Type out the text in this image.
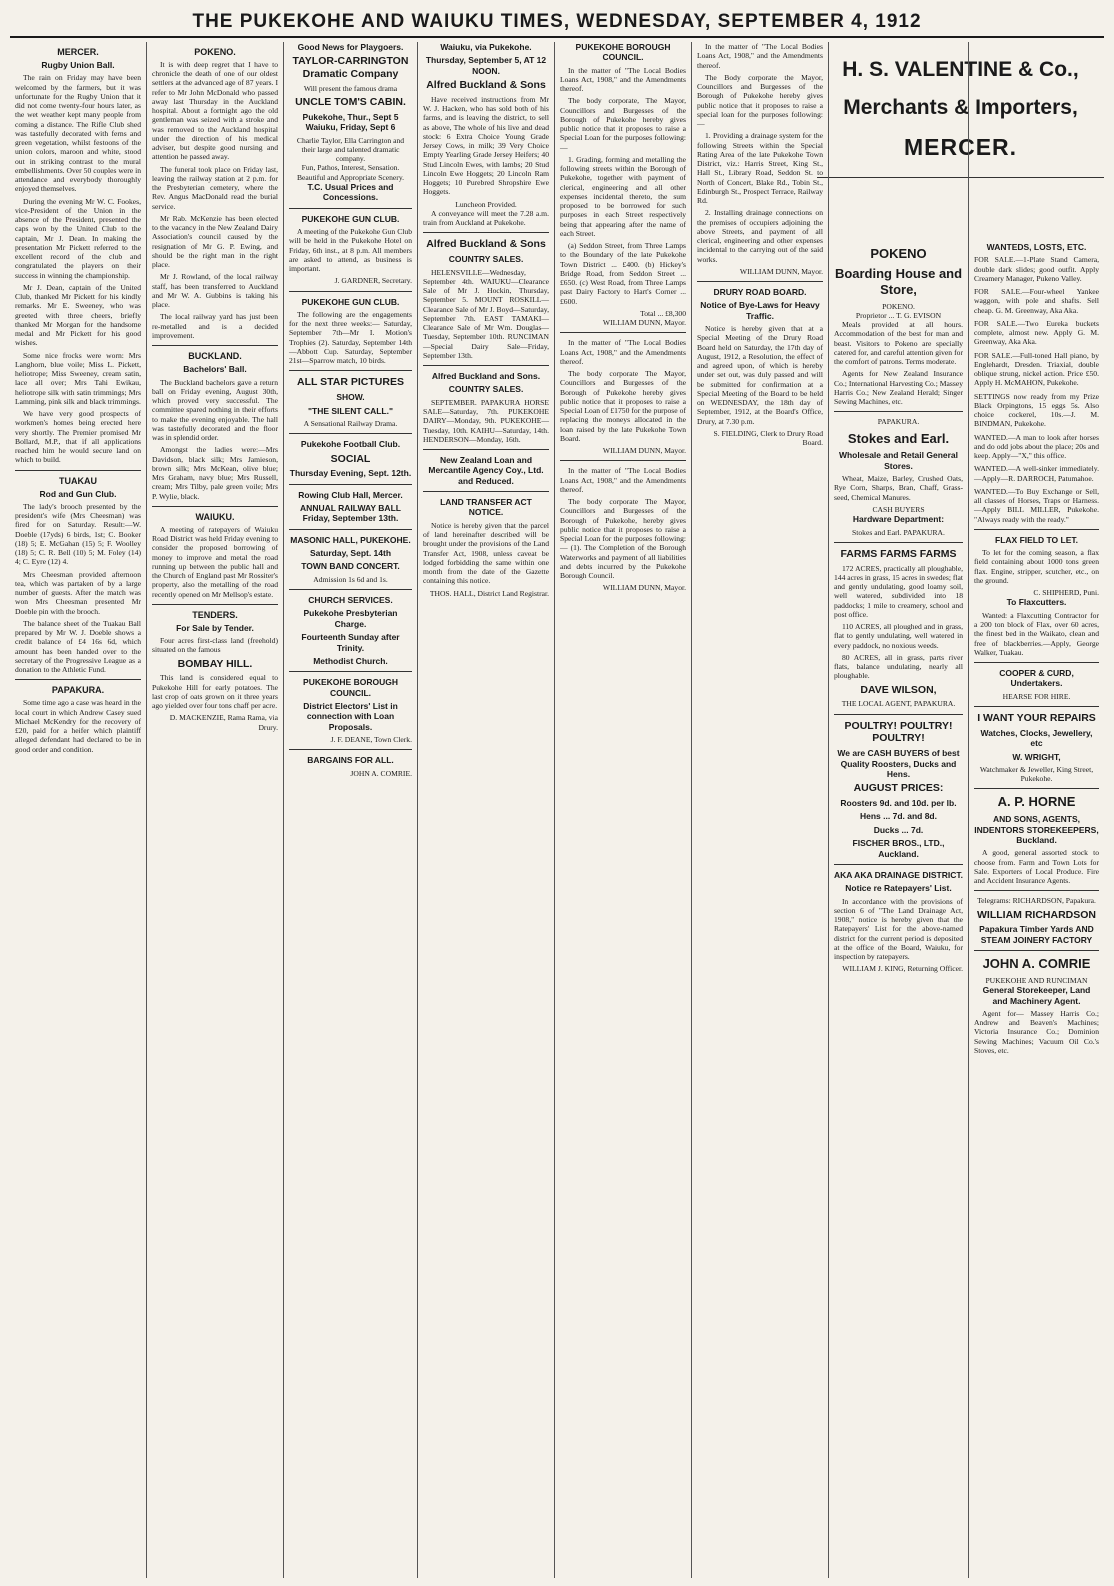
THE PUKEKOHE AND WAIUKU TIMES, WEDNESDAY, SEPTEMBER 4, 1912
H. S. VALENTINE & Co.,
Merchants & Importers,
MERCER.
MERCER.
Rugby Union Ball.

The rain on Friday may have been welcomed by the farmers, but it was unfortunate for the Rugby Union that it did not come twenty-four hours later, as the wet weather kept many people from coming a distance. The Rifle Club shed was tastefully decorated with ferns and green vegetation, whilst festoons of the union colors, maroon and white, stood out in striking contrast to the mural embellishments. Over 50 couples were in attendance and everybody thoroughly enjoyed themselves.

During the evening Mr W. C. Fookes, vice-President of the Union in the absence of the President, presented the caps won by the United Club to the captain, Mr J. Dean. In making the presentation Mr Pickett referred to the excellent record of the club and congratulated the players on their success in winning the championship.

Mr J. Dean, captain of the United Club, thanked Mr Pickett for his kindly remarks. Mr E. Sweeney, who was greeted with three cheers, briefly thanked Mr Morgan for the handsome medal and Mr Pickett for his good wishes.

Some nice frocks were worn: Mrs Langhorn, blue voile; Miss L. Pickett, heliotrope; Miss Sweeney, cream satin, lace all over; Mrs Tahi Ewikau, heliotrope silk with satin trimmings; Mrs Lamming, pink silk and black trimmings.

We have very good prospects of workmen's homes being erected here very shortly. The Premier promised Mr Bollard, M.P., that if all applications reached him he would secure land on which to build.

TUAKAU
Rod and Gun Club.

The lady's brooch presented by the president's wife (Mrs Cheesman) was fired for on Saturday. Result:—W. Doeble (17yds) 6 birds, 1st; C. Booker (18) 5; E. McGahan (15) 5; F. Woolley (18) 5; C. R. Bell (10) 5; M. Foley (14) 4; C. Eyre (12) 4.

Mrs Cheesman provided afternoon tea, which was partaken of by a large number of guests. After the match was won Mrs Cheesman presented Mr Doeble pin with the brooch.

The balance sheet of the Tuakau Ball prepared by Mr W. J. Doeble shows a credit balance of £4 16s 6d, which amount has been handed over to the secretary of the Progressive League as a donation to the Athletic Fund.

PAPAKURA.

Some time ago a case was heard in the local court in which Andrew Casey sued Michael McKendry for the recovery of £20, paid for a heifer which plaintiff alleged defendant had declared to be in good order and condition.

POKENO.

It is with deep regret that I have to chronicle the death of one of our oldest settlers at the advanced age of 87 years. I refer to Mr John McDonald who passed away last Thursday in the Auckland hospital. About a fortnight ago the old gentleman was seized with a stroke and was removed to the Auckland hospital under the direction of his medical adviser, but despite good nursing and attention he passed away.

The funeral took place on Friday last, leaving the railway station at 2 p.m. for the Presbyterian cemetery, where the Rev. Angus MacDonald read the burial service.

Mr Rab. McKenzie has been elected to the vacancy in the New Zealand Dairy Association's council caused by the resignation of Mr G. P. Ewing, and should be the right man in the right place.

Mr J. Rowland, of the local railway staff, has been transferred to Auckland and Mr W. A. Gubbins is taking his place.

The local railway yard has just been re-metalled and is a decided improvement.

BUCKLAND.
Bachelors' Ball.

The Buckland bachelors gave a return ball on Friday evening, August 30th, which proved very successful. The committee spared nothing in their efforts to make the evening enjoyable. The hall was tastefully decorated and the floor was in splendid order.

Amongst the ladies were:—Mrs Davidson, black silk; Mrs Jamieson, brown silk; Mrs McKean, olive blue; Mrs Graham, navy blue; Mrs Russell, cream; Mrs Tilby, pale green voile; Mrs P. Wylie, black.

WAIUKU.

A meeting of ratepayers of Waiuku Road District was held Friday evening to consider the proposed borrowing of money to improve and metal the road running up between the public hall and the Church of England past Mr Rossiter's property, also the metalling of the road recently opened on Mr Mellsop's estate.

TENDERS.
For Sale by Tender.

Four acres first-class land (freehold) situated on the famous

BOMBAY HILL.

This land is considered equal to Pukekohe Hill for early potatoes. The last crop of oats grown on it three years ago yielded over four tons chaff per acre.

D. MACKENZIE, Rama Rama, via Drury.

Good News for Playgoers.
TAYLOR-CARRINGTON Dramatic Company

Will present the famous drama

UNCLE TOM'S CABIN.
Pukekohe, Thur., Sept 5 Waiuku, Friday, Sept 6

Charlie Taylor, Ella Carrington and their large and talented dramatic company.

Fun, Pathos, Interest, Sensation. Beautiful and Appropriate Scenery.

T.C. Usual Prices and Concessions.
PUKEKOHE GUN CLUB.

A meeting of the Pukekohe Gun Club will be held in the Pukekohe Hotel on Friday, 6th inst., at 8 p.m. All members are asked to attend, as business is important.

J. GARDNER, Secretary.

PUKEKOHE GUN CLUB.

The following are the engagements for the next three weeks:— Saturday, September 7th—Mr I. Motion's Trophies (2). Saturday, September 14th—Abbott Cup. Saturday, September 21st—Sparrow match, 10 birds.

ALL STAR PICTURES
SHOW.
"THE SILENT CALL."

A Sensational Railway Drama.

Pukekohe Football Club.
SOCIAL
Thursday Evening, Sept. 12th.
Rowing Club Hall, Mercer.
ANNUAL RAILWAY BALL Friday, September 13th.
MASONIC HALL, PUKEKOHE.
Saturday, Sept. 14th
TOWN BAND CONCERT.

Admission 1s 6d and 1s.

CHURCH SERVICES.
Pukekohe Presbyterian Charge.
Fourteenth Sunday after Trinity.
Methodist Church.
PUKEKOHE BOROUGH COUNCIL.
District Electors' List in connection with Loan Proposals.

J. F. DEANE, Town Clerk.

BARGAINS FOR ALL.

JOHN A. COMRIE.

Waiuku, via Pukekohe.
Thursday, September 5, AT 12 NOON.
Alfred Buckland & Sons

Have received instructions from Mr W. J. Hacken, who has sold both of his farms, and is leaving the district, to sell as above, The whole of his live and dead stock: 6 Extra Choice Young Grade Jersey Cows, in milk; 39 Very Choice Empty Yearling Grade Jersey Heifers; 40 Stud Lincoln Ewes, with lambs; 20 Stud Lincoln Ewe Hoggets; 20 Lincoln Ram Hoggets; 10 Purebred Shropshire Ewe Hoggets.

Luncheon Provided.

A conveyance will meet the 7.28 a.m. train from Auckland at Pukekohe.

Alfred Buckland & Sons
COUNTRY SALES.

HELENSVILLE—Wednesday, September 4th. WAIUKU—Clearance Sale of Mr J. Hockin, Thursday, September 5. MOUNT ROSKILL—Clearance Sale of Mr J. Boyd—Saturday, September 7th. EAST TAMAKI—Clearance Sale of Mr Wm. Douglas—Tuesday, September 10th. RUNCIMAN—Special Dairy Sale—Friday, September 13th.

Alfred Buckland and Sons.
COUNTRY SALES.

SEPTEMBER. PAPAKURA HORSE SALE—Saturday, 7th. PUKEKOHE DAIRY—Monday, 9th. PUKEKOHE—Tuesday, 10th. KAIHU—Saturday, 14th. HENDERSON—Monday, 16th.

New Zealand Loan and Mercantile Agency Coy., Ltd. and Reduced.
LAND TRANSFER ACT NOTICE.

Notice is hereby given that the parcel of land hereinafter described will be brought under the provisions of the Land Transfer Act, 1908, unless caveat be lodged forbidding the same within one month from the date of the Gazette containing this notice.

THOS. HALL, District Land Registrar.

PUKEKOHE BOROUGH COUNCIL.

In the matter of "The Local Bodies Loans Act, 1908," and the Amendments thereof.

The body corporate, The Mayor, Councillors and Burgesses of the Borough of Pukekohe hereby gives public notice that it proposes to raise a Special Loan for the purposes following:—

1. Grading, forming and metalling the following streets within the Borough of Pukekohe, together with payment of clerical, engineering and all other expenses incidental thereto, the sum proposed to be borrowed for such purposes in each Street respectively being that appearing after the name of each Street.

(a) Seddon Street, from Three Lamps to the Boundary of the late Pukekohe Town District ... £400. (b) Hickey's Bridge Road, from Seddon Street ... £650. (c) West Road, from Three Lamps past Dairy Factory to Hart's Corner ... £600.

Total ... £8,300

WILLIAM DUNN, Mayor.

In the matter of "The Local Bodies Loans Act, 1908," and the Amendments thereof.

The body corporate The Mayor, Councillors and Burgesses of the Borough of Pukekohe hereby gives public notice that it proposes to raise a Special Loan of £1750 for the purpose of replacing the moneys allocated in the loan raised by the late Pukekohe Town Board.

WILLIAM DUNN, Mayor.

In the matter of "The Local Bodies Loans Act, 1908," and the Amendments thereof.

The body corporate The Mayor, Councillors and Burgesses of the Borough of Pukekohe, hereby gives public notice that it proposes to raise a Special Loan for the purposes following:— (1). The Completion of the Borough Waterworks and payment of all liabilities and debts incurred by the Pukekohe Borough Council.

WILLIAM DUNN, Mayor.

In the matter of "The Local Bodies Loans Act, 1908," and the Amendments thereof.

The Body corporate the Mayor, Councillors and Burgesses of the Borough of Pukekohe hereby gives public notice that it proposes to raise a special loan for the purposes following:—

1. Providing a drainage system for the following Streets within the Special Rating Area of the late Pukekohe Town District, viz.: Harris Street, King St., Hall St., Library Road, Seddon St. to North of Concert, Blake Rd., Tobin St., Edinburgh St., Prospect Terrace, Railway Rd.

2. Installing drainage connections on the premises of occupiers adjoining the above Streets, and payment of all clerical, engineering and other expenses incidental to the carrying out of the said works.

WILLIAM DUNN, Mayor.

DRURY ROAD BOARD.
Notice of Bye-Laws for Heavy Traffic.

Notice is hereby given that at a Special Meeting of the Drury Road Board held on Saturday, the 17th day of August, 1912, a Resolution, the effect of and agreed upon, of which is hereby under set out, was duly passed and will be submitted for confirmation at a Special Meeting of the Board to be held on WEDNESDAY, the 18th day of September, 1912, at the Board's Office, Drury, at 7.30 p.m.

S. FIELDING, Clerk to Drury Road Board.

POKENO
Boarding House and Store,

POKENO.

Proprietor ... T. G. EVISON

Meals provided at all hours. Accommodation of the best for man and beast. Visitors to Pokeno are specially catered for, and careful attention given for the comfort of patrons. Terms moderate.

Agents for New Zealand Insurance Co.; International Harvesting Co.; Massey Harris Co.; New Zealand Herald; Singer Sewing Machines, etc.

PAPAKURA.

Stokes and Earl.
Wholesale and Retail General Stores.

Wheat, Maize, Barley, Crushed Oats, Rye Corn, Sharps, Bran, Chaff, Grass-seed, Chemical Manures.

CASH BUYERS

Hardware Department:

Stokes and Earl. PAPAKURA.

FARMS FARMS FARMS

172 ACRES, practically all ploughable, 144 acres in grass, 15 acres in swedes; flat and gently undulating, good loamy soil, well watered, subdivided into 18 paddocks; 1 mile to creamery, school and post office.

110 ACRES, all ploughed and in grass, flat to gently undulating, well watered in every paddock, no noxious weeds.

80 ACRES, all in grass, parts river flats, balance undulating, nearly all ploughable.

DAVE WILSON,

THE LOCAL AGENT, PAPAKURA.

POULTRY! POULTRY! POULTRY!
We are CASH BUYERS of best Quality Roosters, Ducks and Hens.
AUGUST PRICES:
Roosters 9d. and 10d. per lb.
Hens ... 7d. and 8d.
Ducks ... 7d.
FISCHER BROS., LTD., Auckland.
AKA AKA DRAINAGE DISTRICT.
Notice re Ratepayers' List.

In accordance with the provisions of section 6 of "The Land Drainage Act, 1908," notice is hereby given that the Ratepayers' List for the above-named district for the current period is deposited at the office of the Board, Waiuku, for inspection by ratepayers.

WILLIAM J. KING, Returning Officer.

WANTEDS, LOSTS, ETC.

FOR SALE.—1-Plate Stand Camera, double dark slides; good outfit. Apply Creamery Manager, Pukeno Valley.

FOR SALE.—Four-wheel Yankee waggon, with pole and shafts. Sell cheap. G. M. Greenway, Aka Aka.

FOR SALE.—Two Eureka buckets complete, almost new. Apply G. M. Greenway, Aka Aka.

FOR SALE.—Full-toned Hall piano, by Englehardt, Dresden. Triaxial, double oblique strung, nickel action. Price £50. Apply H. McMAHON, Pukekohe.

SETTINGS now ready from my Prize Black Orpingtons, 15 eggs 5s. Also choice cockerel, 10s.—J. M. BINDMAN, Pukekohe.

WANTED.—A man to look after horses and do odd jobs about the place; 20s and keep. Apply—"X," this office.

WANTED.—A well-sinker immediately.—Apply—R. DARROCH, Patumahoe.

WANTED.—To Buy Exchange or Sell, all classes of Horses, Traps or Harness.—Apply BILL MILLER, Pukekohe. "Always ready with the ready."

FLAX FIELD TO LET.

To let for the coming season, a flax field containing about 1000 tons green flax. Engine, stripper, scutcher, etc., on the ground.

C. SHIPHERD, Puni.

To Flaxcutters.

Wanted: a Flaxcutting Contractor for a 200 ton block of Flax, over 60 acres, the finest bed in the Waikato, clean and free of blackberries.—Apply, George Walker, Tuakau.

COOPER & CURD, Undertakers.

HEARSE FOR HIRE.

I WANT YOUR REPAIRS
Watches, Clocks, Jewellery, etc
W. WRIGHT,

Watchmaker & Jeweller, King Street, Pukekohe.

A. P. HORNE
AND SONS, AGENTS, INDENTORS STOREKEEPERS, Buckland.

A good, general assorted stock to choose from. Farm and Town Lots for Sale. Exporters of Local Produce. Fire and Accident Insurance Agents.

Telegrams: RICHARDSON, Papakura.

WILLIAM RICHARDSON
Papakura Timber Yards AND STEAM JOINERY FACTORY
JOHN A. COMRIE

PUKEKOHE AND RUNCIMAN

General Storekeeper, Land and Machinery Agent.

Agent for— Massey Harris Co.; Andrew and Beaven's Machines; Victoria Insurance Co.; Dominion Sewing Machines; Vacuum Oil Co.'s Stoves, etc.
